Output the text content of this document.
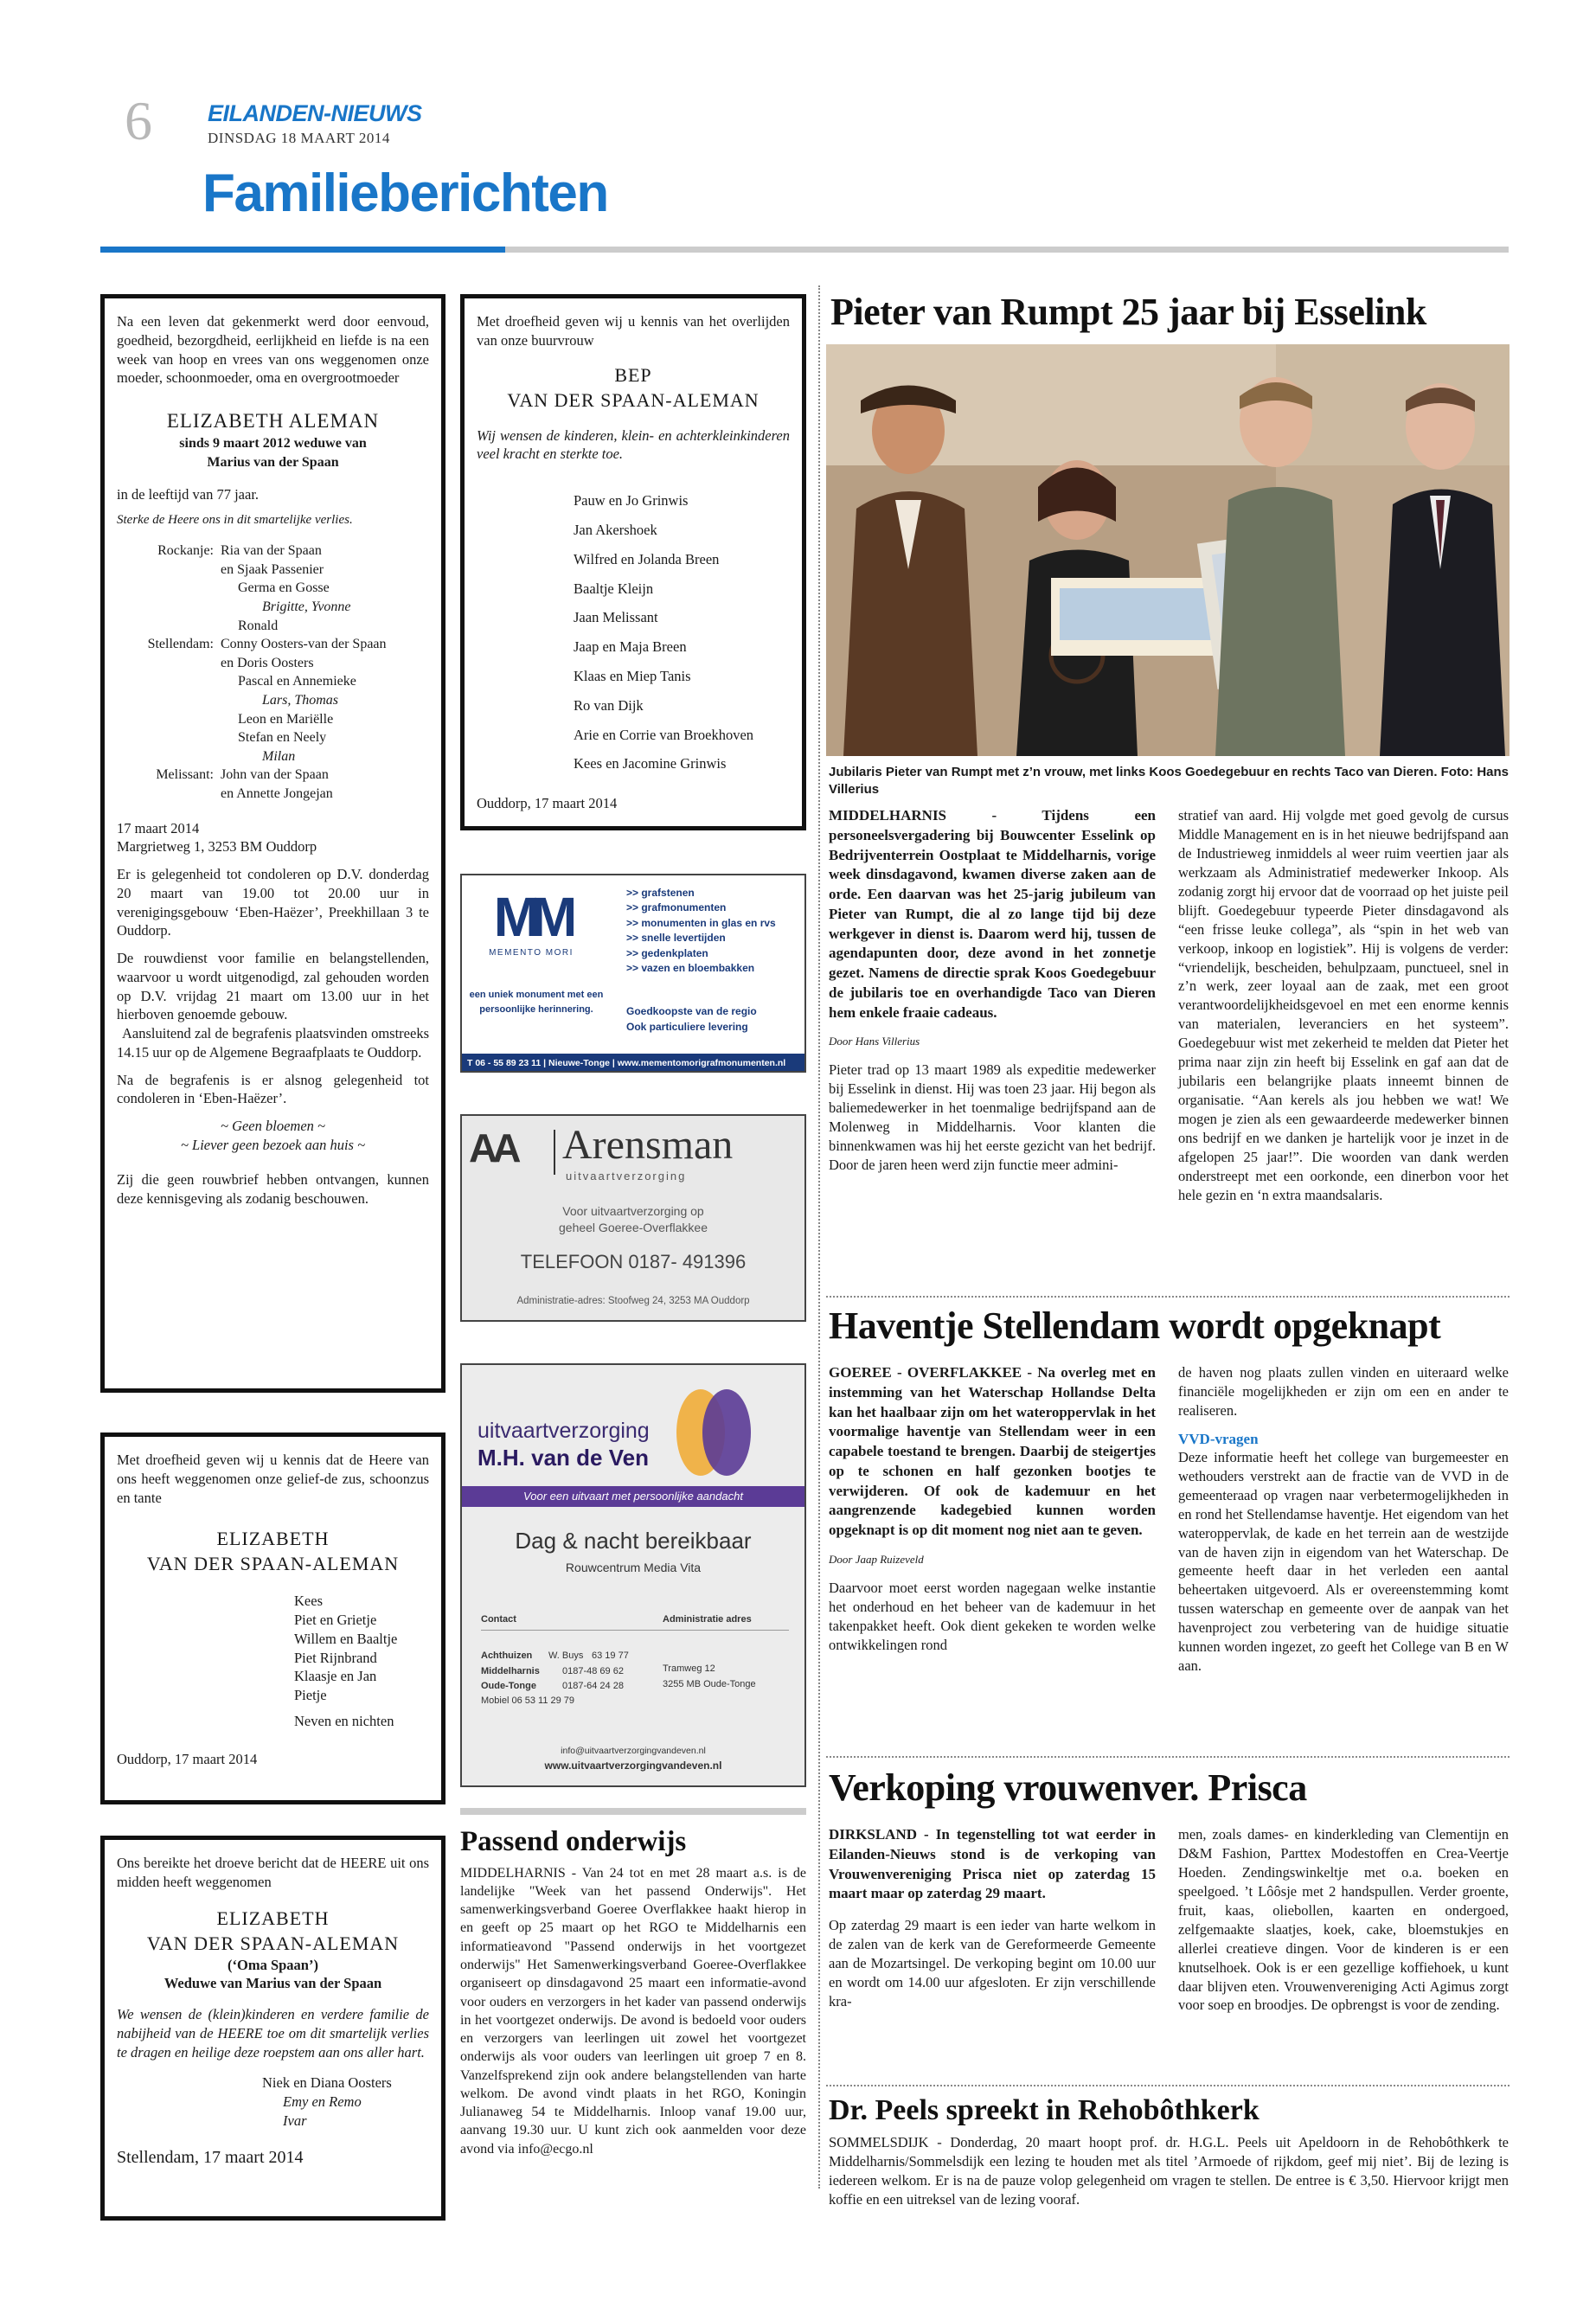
6 EILANDEN-NIEUWS
DINSDAG 18 MAART 2014
Familieberichten

Na een leven dat gekenmerkt werd door eenvoud, goedheid, bezorgdheid, eerlijkheid en liefde is na een week van hoop en vrees van ons weggenomen onze moeder, schoonmoeder, oma en overgrootmoeder

ELIZABETH ALEMAN
sinds 9 maart 2012 weduwe van
Marius van der Spaan

in de leeftijd van 77 jaar.

Sterke de Heere ons in dit smartelijke verlies.

Rockanje: Ria van der Spaan
en Sjaak Passenier
Germa en Gosse
Brigitte, Yvonne
Ronald
Stellendam: Conny Oosters-van der Spaan
en Doris Oosters
Pascal en Annemieke
Lars, Thomas
Leon en Mariëlle
Stefan en Neely
Milan
Melissant: John van der Spaan
en Annette Jongejan
17 maart 2014

Margrietweg 1, 3253 BM Ouddorp

Er is gelegenheid tot condoleren op D.V. donderdag 20 maart van 19.00 tot 20.00 uur in verenigingsgebouw ‘Eben-Haëzer’, Preekhillaan 3 te Ouddorp.

De rouwdienst voor familie en belangstellenden, waarvoor u wordt uitgenodigd, zal gehouden worden op D.V. vrijdag 21 maart om 13.00 uur in het hierboven genoemde gebouw.

Aansluitend zal de begrafenis plaatsvinden omstreeks 14.15 uur op de Algemene Begraafplaats te Ouddorp.

Na de begrafenis is er alsnog gelegenheid tot condoleren in ‘Eben-Haëzer’.

~ Geen bloemen ~
~ Liever geen bezoek aan huis ~

Zij die geen rouwbrief hebben ontvangen, kunnen deze kennisgeving als zodanig beschouwen.

Met droefheid geven wij u kennis dat de Heere van ons heeft weggenomen onze gelief-de zus, schoonzus en tante

ELIZABETH
VAN DER SPAAN-ALEMAN
Kees
Piet en Grietje
Willem en Baaltje
Piet Rijnbrand
Klaasje en Jan
Pietje
Neven en nichten
Ouddorp, 17 maart 2014

Ons bereikte het droeve bericht dat de HEERE uit ons midden heeft weggenomen

ELIZABETH
VAN DER SPAAN-ALEMAN
(‘Oma Spaan’)
Weduwe van Marius van der Spaan

We wensen de (klein)kinderen en verdere familie de nabijheid van de HEERE toe om dit smartelijk verlies te dragen en heilige deze roepstem aan ons aller hart.

Niek en Diana Oosters
Emy en Remo
Ivar
Stellendam, 17 maart 2014

Met droefheid geven wij u kennis van het overlijden van onze buurvrouw

BEP
VAN DER SPAAN-ALEMAN

Wij wensen de kinderen, klein- en achterkleinkinderen veel kracht en sterkte toe.

Pauw en Jo Grinwis
Jan Akershoek
Wilfred en Jolanda Breen
Baaltje Kleijn
Jaan Melissant
Jaap en Maja Breen
Klaas en Miep Tanis
Ro van Dijk
Arie en Corrie van Broekhoven
Kees en Jacomine Grinwis
Ouddorp, 17 maart 2014
MM
MEMENTO MORI
een uniek monument met een persoonlijke herinnering.
>> grafstenen
>> grafmonumenten
>> monumenten in glas en rvs
>> snelle levertijden
>> gedenkplaten
>> vazen en bloembakken
Goedkoopste van de regio
Ook particuliere levering
T 06 - 55 89 23 11 | Nieuwe-Tonge | www.mementomorigrafmonumenten.nl
AA	Arensman
uitvaartverzorging
Voor uitvaartverzorging op
geheel Goeree-Overflakkee
TELEFOON 0187- 491396
Administratie-adres: Stoofweg 24, 3253 MA Ouddorp
uitvaartverzorging
M.H. van de Ven
Voor een uitvaart met persoonlijke aandacht
Dag & nacht bereikbaar
Rouwcentrum Media Vita
Contact	Administratie adres
Achthuizen	W. Buys 63 19 77
Middelharnis	0187-48 69 62
Oude-Tonge	0187-64 24 28
Mobiel 06 53 11 29 79
Tramweg 12
3255 MB Oude-Tonge
info@uitvaartverzorgingvandeven.nl
www.uitvaartverzorgingvandeven.nl
Passend onderwijs
MIDDELHARNIS - Van 24 tot en met 28 maart a.s. is de landelijke "Week van het passend Onderwijs". Het samenwerkingsverband Goeree Overflakkee haakt hierop in en geeft op 25 maart op het RGO te Middelharnis een informatieavond "Passend onderwijs in het voortgezet onderwijs" Het Samenwerkingsverband Goeree-Overflakkee organiseert op dinsdagavond 25 maart een informatie-avond voor ouders en verzorgers in het kader van passend onderwijs in het voortgezet onderwijs. De avond is bedoeld voor ouders en verzorgers van leerlingen uit zowel het voortgezet onderwijs als voor ouders van leerlingen uit groep 7 en 8. Vanzelfsprekend zijn ook andere belangstellenden van harte welkom. De avond vindt plaats in het RGO, Koningin Julianaweg 54 te Middelharnis. Inloop vanaf 19.00 uur, aanvang 19.30 uur. U kunt zich ook aanmelden voor deze avond via info@ecgo.nl
Pieter van Rumpt 25 jaar bij Esselink
Jubilaris Pieter van Rumpt met z’n vrouw, met links Koos Goedegebuur en rechts Taco van Dieren. Foto: Hans Villerius
MIDDELHARNIS - Tijdens een personeelsvergadering bij Bouwcenter Esselink op Bedrijventerrein Oostplaat te Middelharnis, vorige week dinsdagavond, kwamen diverse zaken aan de orde. Een daarvan was het 25-jarig jubileum van Pieter van Rumpt, die al zo lange tijd bij deze werkgever in dienst is. Daarom werd hij, tussen de agendapunten door, deze avond in het zonnetje gezet. Namens de directie sprak Koos Goedegebuur de jubilaris toe en overhandigde Taco van Dieren hem enkele fraaie cadeaus.
Door Hans Villerius
Pieter trad op 13 maart 1989 als expeditie medewerker bij Esselink in dienst. Hij was toen 23 jaar. Hij begon als baliemedewerker in het toenmalige bedrijfspand aan de Molenweg in Middelharnis. Voor klanten die binnenkwamen was hij het eerste gezicht van het bedrijf. Door de jaren heen werd zijn functie meer admini-
stratief van aard. Hij volgde met goed gevolg de cursus Middle Management en is in het nieuwe bedrijfspand aan de Industrieweg inmiddels al weer ruim veertien jaar als werkzaam als Administratief medewerker Inkoop. Als zodanig zorgt hij ervoor dat de voorraad op het juiste peil blijft. Goedegebuur typeerde Pieter dinsdagavond als “een frisse leuke collega”, als “spin in het web van verkoop, inkoop en logistiek”. Hij is volgens de verder: “vriendelijk, bescheiden, behulpzaam, punctueel, snel in z’n werk, zeer loyaal aan de zaak, met een groot verantwoordelijkheidsgevoel en met een enorme kennis van materialen, leveranciers en het systeem”. Goedegebuur wist met zekerheid te melden dat Pieter het prima naar zijn zin heeft bij Esselink en gaf aan dat de jubilaris een belangrijke plaats inneemt binnen de organisatie. “Aan kerels als jou hebben we wat! We mogen je zien als een gewaardeerde medewerker binnen ons bedrijf en we danken je hartelijk voor je inzet in de afgelopen 25 jaar!”. Die woorden van dank werden onderstreept met een oorkonde, een dinerbon voor het hele gezin en ‘n extra maandsalaris.
Haventje Stellendam wordt opgeknapt
GOEREE - OVERFLAKKEE - Na overleg met en instemming van het Waterschap Hollandse Delta kan het haalbaar zijn om het wateroppervlak in het voormalige haventje van Stellendam weer in een capabele toestand te brengen. Daarbij de steigertjes op te schonen en half gezonken bootjes te verwijderen. Of ook de kademuur en het aangrenzende kadegebied kunnen worden opgeknapt is op dit moment nog niet aan te geven.
Door Jaap Ruizeveld
Daarvoor moet eerst worden nagegaan welke instantie het onderhoud en het beheer van de kademuur in het takenpakket heeft. Ook dient gekeken te worden welke ontwikkelingen rond
de haven nog plaats zullen vinden en uiteraard welke financiële mogelijkheden er zijn om een en ander te realiseren.
VVD-vragen
Deze informatie heeft het college van burgemeester en wethouders verstrekt aan de fractie van de VVD in de gemeenteraad op vragen naar verbetermogelijkheden in en rond het Stellendamse haventje. Het eigendom van het wateroppervlak, de kade en het terrein aan de westzijde van de haven zijn in eigendom van het Waterschap. De gemeente heeft daar in het verleden een aantal beheertaken uitgevoerd. Als er overeenstemming komt tussen waterschap en gemeente over de aanpak van het havenproject zou verbetering van de huidige situatie kunnen worden ingezet, zo geeft het College van B en W aan.
Verkoping vrouwenver. Prisca
DIRKSLAND - In tegenstelling tot wat eerder in Eilanden-Nieuws stond is de verkoping van Vrouwenvereniging Prisca niet op zaterdag 15 maart maar op zaterdag 29 maart.
Op zaterdag 29 maart is een ieder van harte welkom in de zalen van de kerk van de Gereformeerde Gemeente aan de Mozartsingel. De verkoping begint om 10.00 uur en wordt om 14.00 uur afgesloten. Er zijn verschillende kra-
men, zoals dames- en kinderkleding van Clementijn en D&M Fashion, Parttex Modestoffen en Crea-Veertje Hoeden. Zendingswinkeltje met o.a. boeken en speelgoed. ’t Lôôsje met 2 handspullen. Verder groente, fruit, kaas, oliebollen, kaarten en ondergoed, zelfgemaakte slaatjes, koek, cake, bloemstukjes en allerlei creatieve dingen. Voor de kinderen is er een knutselhoek. Ook is er een gezellige koffiehoek, u kunt daar blijven eten. Vrouwenvereniging Acti Agimus zorgt voor soep en broodjes. De opbrengst is voor de zending.
Dr. Peels spreekt in Rehobôthkerk
SOMMELSDIJK - Donderdag, 20 maart hoopt prof. dr. H.G.L. Peels uit Apeldoorn in de Rehobôthkerk te Middelharnis/Sommelsdijk een lezing te houden met als titel ’Armoede of rijkdom, geef mij niet’. Bij de lezing is iedereen welkom. Er is na de pauze volop gelegenheid om vragen te stellen. De entree is € 3,50. Hiervoor krijgt men koffie en een uitreksel van de lezing vooraf.
